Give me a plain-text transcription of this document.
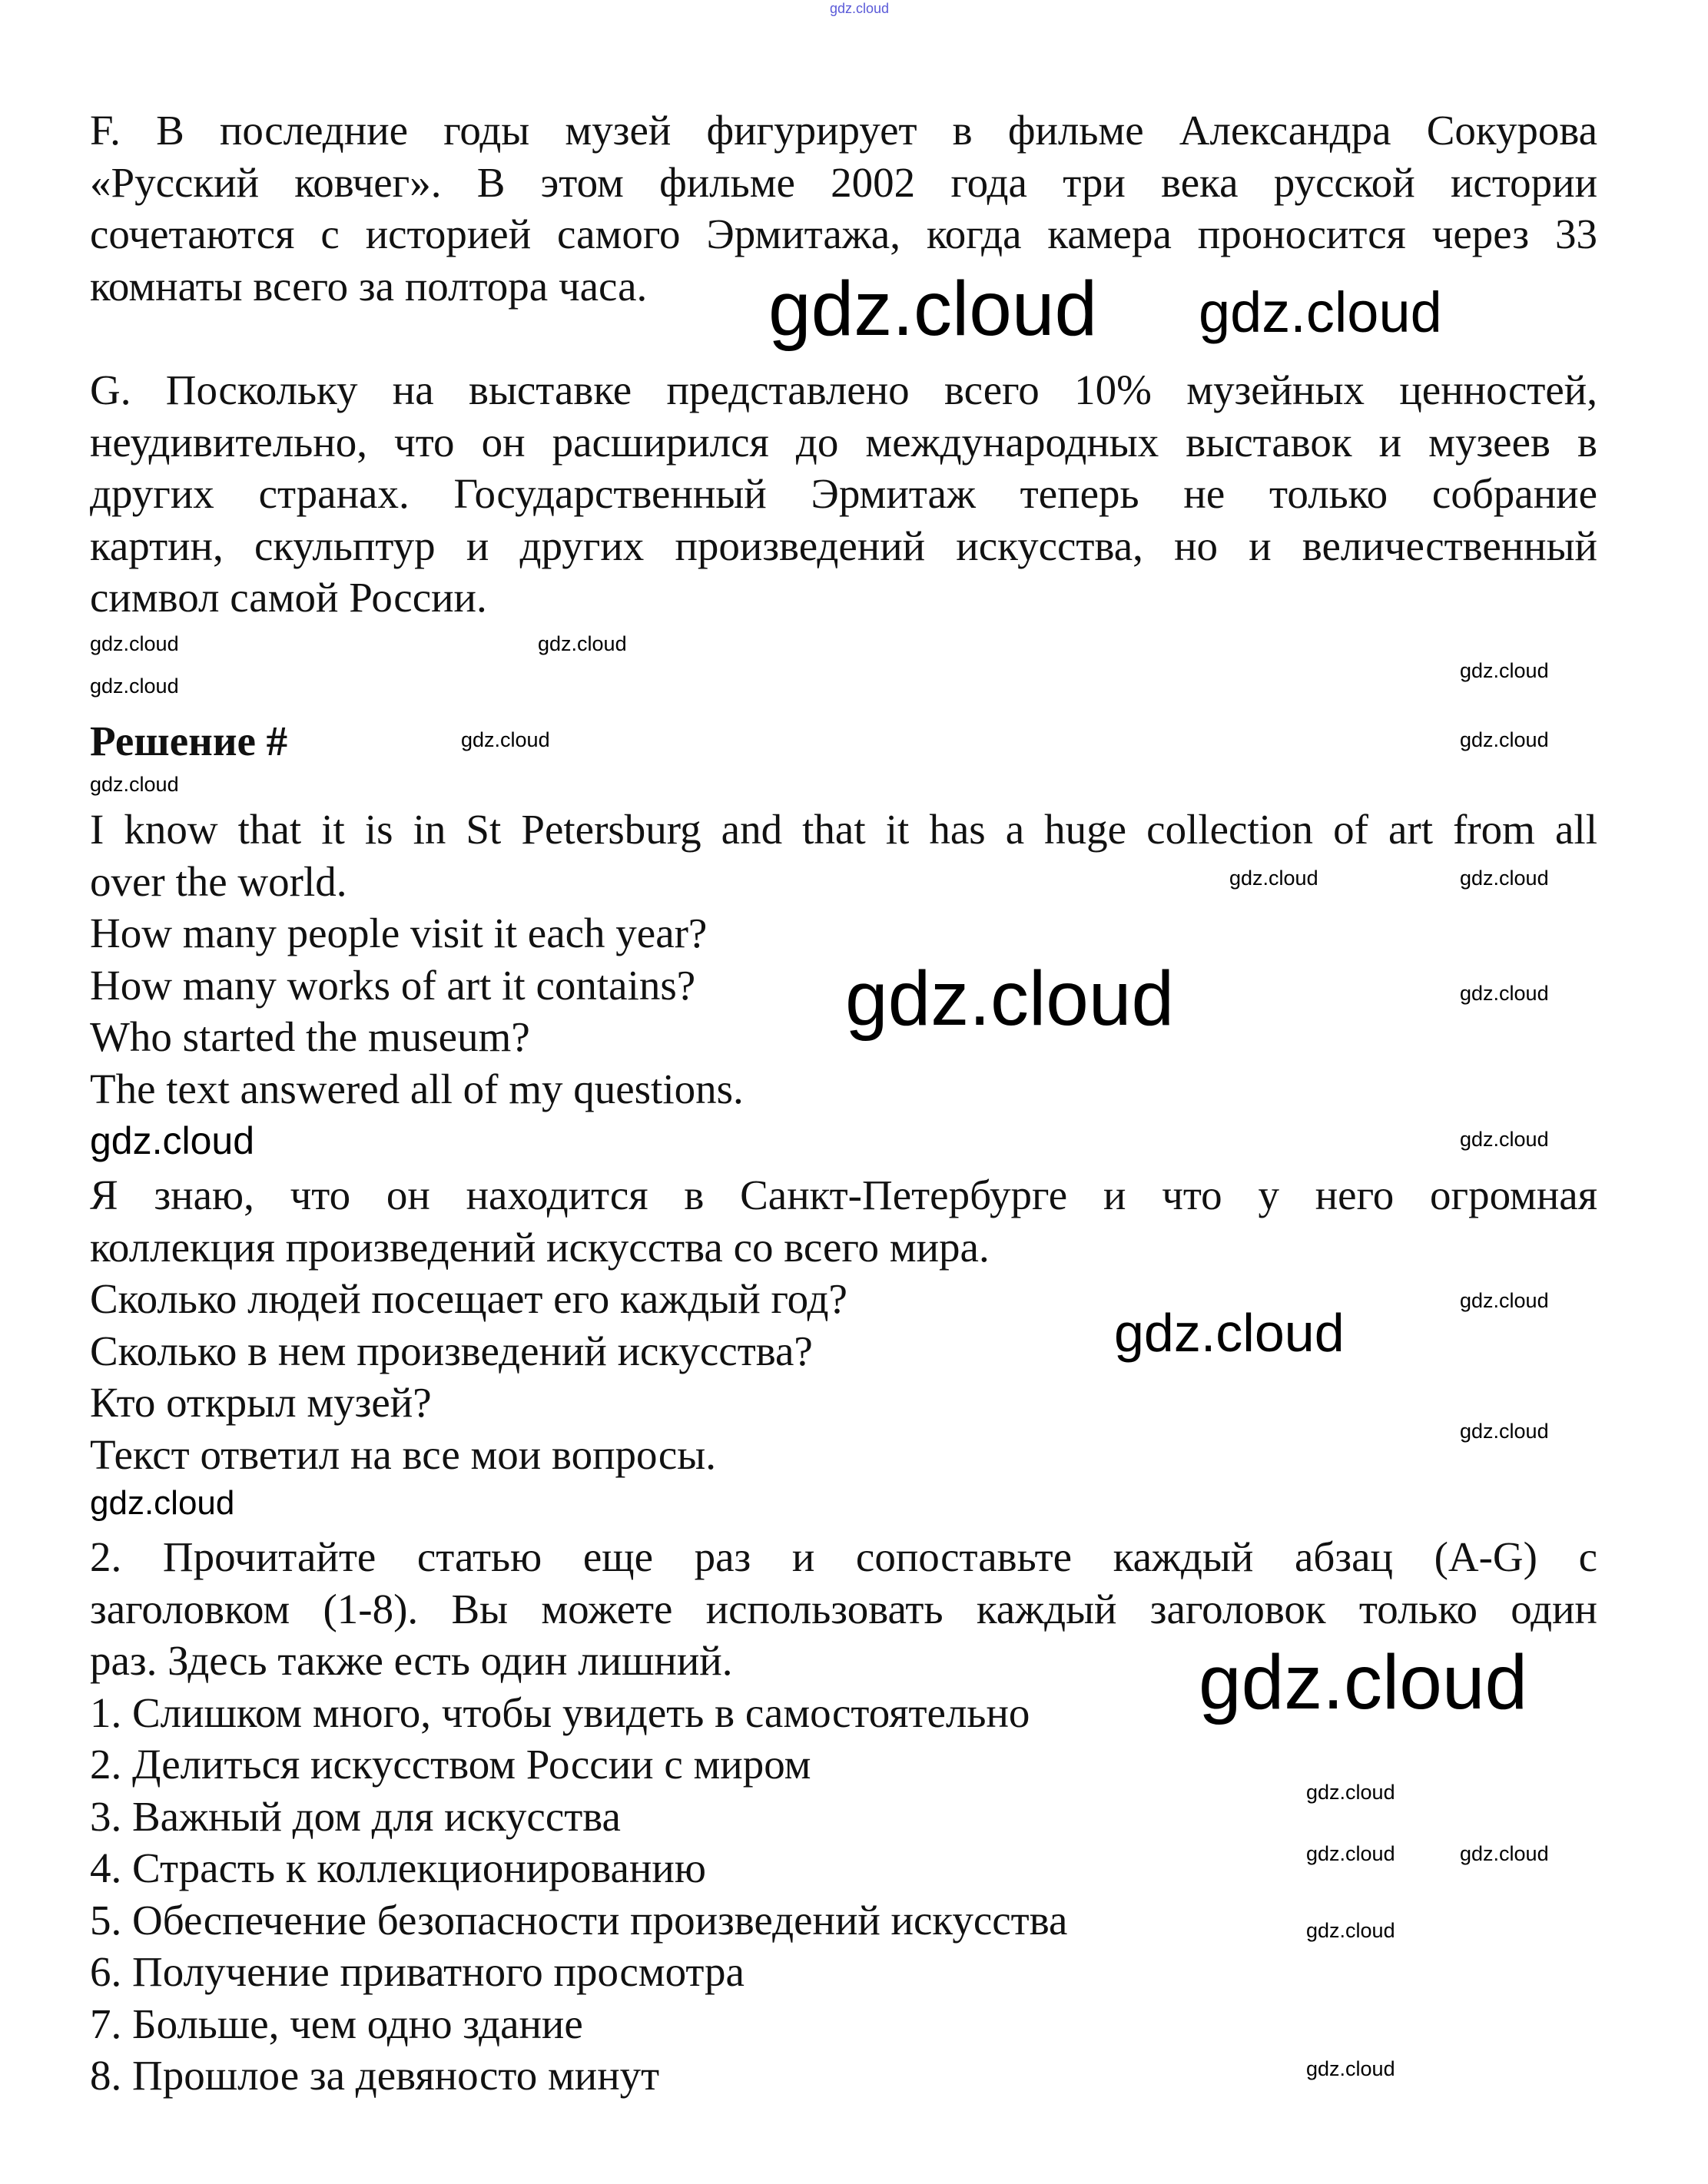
gdz.cloud
F. В последние годы музей фигурирует в фильме Александра Сокурова
«Русский ковчег». В этом фильме 2002 года три века русской истории
сочетаются с историей самого Эрмитажа, когда камера проносится через 33
комнаты всего за полтора часа.
G. Поскольку на выставке представлено всего 10% музейных ценностей,
неудивительно, что он расширился до международных выставок и музеев в
других странах. Государственный Эрмитаж теперь не только собрание
картин, скульптур и других произведений искусства, но и величественный
символ самой России.
Решение #
I know that it is in St Petersburg and that it has a huge collection of art from all
over the world.
How many people visit it each year?
How many works of art it contains?
Who started the museum?
The text answered all of my questions.
Я знаю, что он находится в Санкт-Петербурге и что у него огромная
коллекция произведений искусства со всего мира.
Сколько людей посещает его каждый год?
Сколько в нем произведений искусства?
Кто открыл музей?
Текст ответил на все мои вопросы.
2. Прочитайте статью еще раз и сопоставьте каждый абзац (A-G) с
заголовком (1-8). Вы можете использовать каждый заголовок только один
раз. Здесь также есть один лишний.
1. Слишком много, чтобы увидеть в самостоятельно
2. Делиться искусством России с миром
3. Важный дом для искусства
4. Страсть к коллекционированию
5. Обеспечение безопасности произведений искусства
6. Получение приватного просмотра
7. Больше, чем одно здание
8. Прошлое за девяносто минут
gdz.cloud
gdz.cloud
gdz.cloud
gdz.cloud
gdz.cloud
gdz.cloud
gdz.cloud
gdz.cloud
gdz.cloud
gdz.cloud
gdz.cloud
gdz.cloud
gdz.cloud
gdz.cloud
gdz.cloud	gdz.cloud
gdz.cloud
gdz.cloud
gdz.cloud gdz.cloud
gdz.cloud
gdz.cloud
gdz.cloud
gdz.cloud
gdz.cloud
